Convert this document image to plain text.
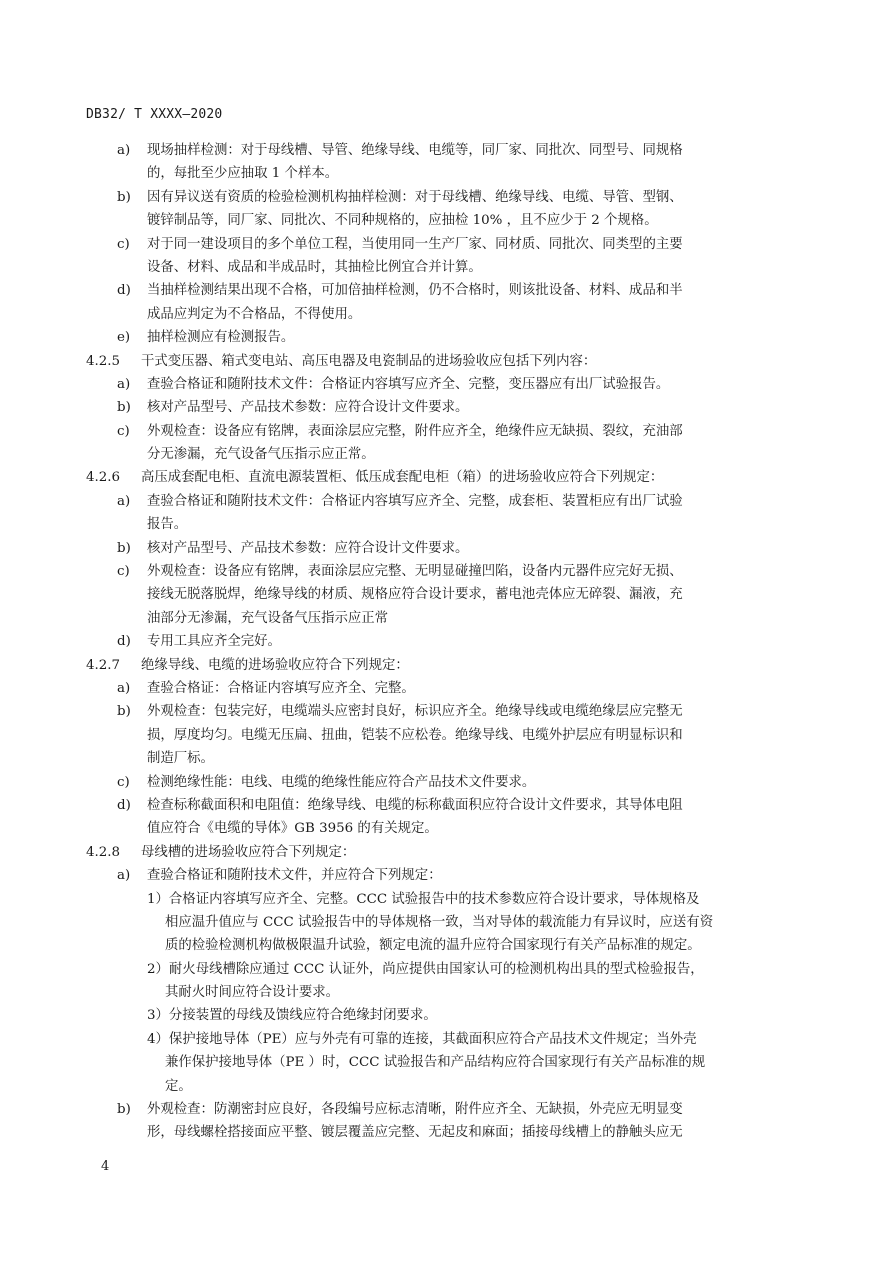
DB32/ T XXXX—2020
a) 现场抽样检测：对于母线槽、导管、绝缘导线、电缆等，同厂家、同批次、同型号、同规格
的，每批至少应抽取 1 个样本。
b) 因有异议送有资质的检验检测机构抽样检测：对于母线槽、绝缘导线、电缆、导管、型钢、
镀锌制品等，同厂家、同批次、不同种规格的，应抽检 10% ，且不应少于 2 个规格。
c) 对于同一建设项目的多个单位工程，当使用同一生产厂家、同材质、同批次、同类型的主要
设备、材料、成品和半成品时，其抽检比例宜合并计算。
d) 当抽样检测结果出现不合格，可加倍抽样检测，仍不合格时，则该批设备、材料、成品和半
成品应判定为不合格品，不得使用。
e) 抽样检测应有检测报告。
4.2.5 干式变压器、箱式变电站、高压电器及电瓷制品的进场验收应包括下列内容：
a) 查验合格证和随附技术文件：合格证内容填写应齐全、完整，变压器应有出厂试验报告。
b) 核对产品型号、产品技术参数：应符合设计文件要求。
c) 外观检查：设备应有铭牌，表面涂层应完整，附件应齐全，绝缘件应无缺损、裂纹，充油部
分无渗漏，充气设备气压指示应正常。
4.2.6 高压成套配电柜、直流电源装置柜、低压成套配电柜（箱）的进场验收应符合下列规定：
a) 查验合格证和随附技术文件：合格证内容填写应齐全、完整，成套柜、装置柜应有出厂试验
报告。
b) 核对产品型号、产品技术参数：应符合设计文件要求。
c) 外观检查：设备应有铭牌，表面涂层应完整、无明显碰撞凹陷，设备内元器件应完好无损、
接线无脱落脱焊，绝缘导线的材质、规格应符合设计要求，蓄电池壳体应无碎裂、漏液，充
油部分无渗漏，充气设备气压指示应正常
d) 专用工具应齐全完好。
4.2.7 绝缘导线、电缆的进场验收应符合下列规定：
a) 查验合格证：合格证内容填写应齐全、完整。
b) 外观检查：包装完好，电缆端头应密封良好，标识应齐全。绝缘导线或电缆绝缘层应完整无
损，厚度均匀。电缆无压扁、扭曲，铠装不应松卷。绝缘导线、电缆外护层应有明显标识和
制造厂标。
c) 检测绝缘性能：电线、电缆的绝缘性能应符合产品技术文件要求。
d) 检查标称截面积和电阻值：绝缘导线、电缆的标称截面积应符合设计文件要求，其导体电阻
值应符合《电缆的导体》GB 3956 的有关规定。
4.2.8 母线槽的进场验收应符合下列规定：
a) 查验合格证和随附技术文件，并应符合下列规定：
1）合格证内容填写应齐全、完整。CCC 试验报告中的技术参数应符合设计要求，导体规格及
相应温升值应与 CCC 试验报告中的导体规格一致，当对导体的载流能力有异议时，应送有资
质的检验检测机构做极限温升试验，额定电流的温升应符合国家现行有关产品标准的规定。
2）耐火母线槽除应通过 CCC 认证外，尚应提供由国家认可的检测机构出具的型式检验报告，
其耐火时间应符合设计要求。
3）分接装置的母线及馈线应符合绝缘封闭要求。
4）保护接地导体（PE）应与外壳有可靠的连接，其截面积应符合产品技术文件规定；当外壳
兼作保护接地导体（PE ）时，CCC 试验报告和产品结构应符合国家现行有关产品标准的规
定。
b) 外观检查：防潮密封应良好，各段编号应标志清晰，附件应齐全、无缺损，外壳应无明显变
形，母线螺栓搭接面应平整、镀层覆盖应完整、无起皮和麻面；插接母线槽上的静触头应无
4
